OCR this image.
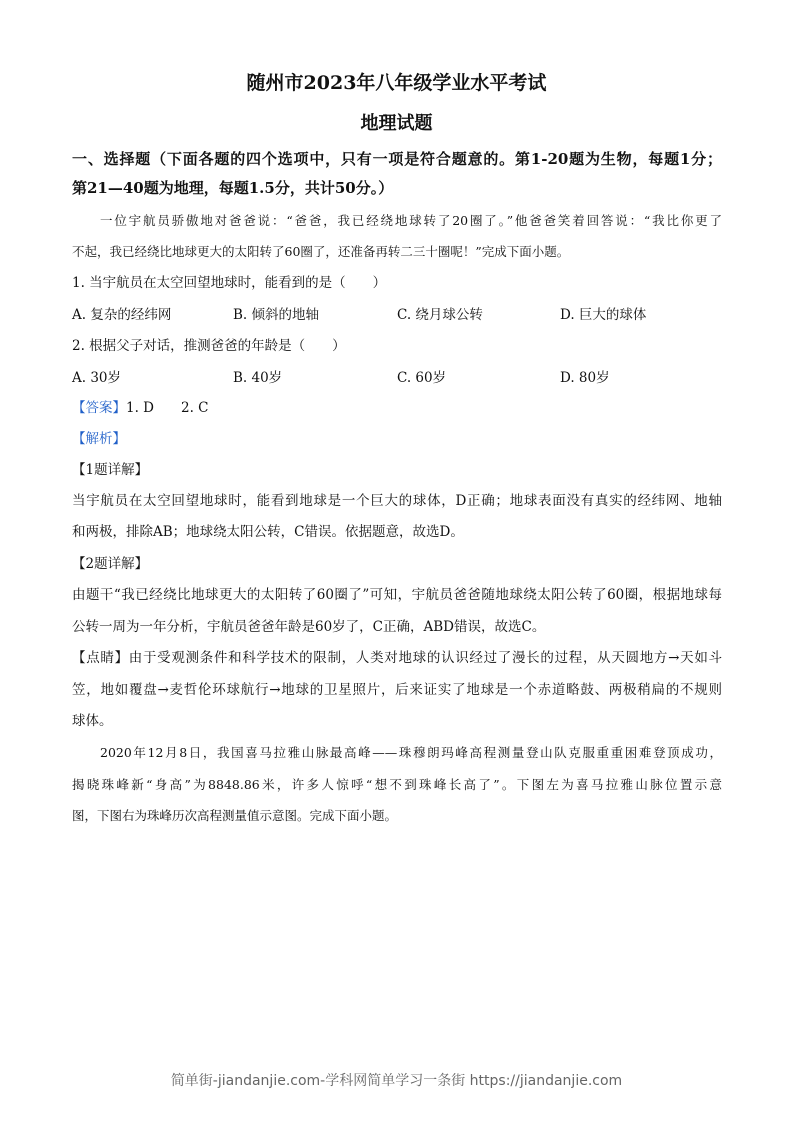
随州市2023年八年级学业水平考试
地理试题
一、选择题（下面各题的四个选项中，只有一项是符合题意的。第1-20题为生物，每题1分；
第21—40题为地理，每题1.5分，共计50分。）
一位宇航员骄傲地对爸爸说：“爸爸，我已经绕地球转了20圈了。”他爸爸笑着回答说：“我比你更了
不起，我已经绕比地球更大的太阳转了60圈了，还准备再转二三十圈呢！”完成下面小题。
1. 当宇航员在太空回望地球时，能看到的是（　　）
A. 复杂的经纬网	B. 倾斜的地轴	C. 绕月球公转	D. 巨大的球体
2. 根据父子对话，推测爸爸的年龄是（　　）
A. 30岁	B. 40岁	C. 60岁	D. 80岁
【答案】1. D　　2. C
【解析】
【1题详解】
当宇航员在太空回望地球时，能看到地球是一个巨大的球体，D正确；地球表面没有真实的经纬网、地轴
和两极，排除AB；地球绕太阳公转，C错误。依据题意，故选D。
【2题详解】
由题干“我已经绕比地球更大的太阳转了60圈了”可知，宇航员爸爸随地球绕太阳公转了60圈，根据地球每
公转一周为一年分析，宇航员爸爸年龄是60岁了，C正确，ABD错误，故选C。
【点睛】由于受观测条件和科学技术的限制，人类对地球的认识经过了漫长的过程，从天圆地方→天如斗
笠，地如覆盘→麦哲伦环球航行→地球的卫星照片，后来证实了地球是一个赤道略鼓、两极稍扁的不规则
球体。
2020年12月8日，我国喜马拉雅山脉最高峰——珠穆朗玛峰高程测量登山队克服重重困难登顶成功，
揭晓珠峰新“身高”为8848.86米，许多人惊呼“想不到珠峰长高了”。下图左为喜马拉雅山脉位置示意
图，下图右为珠峰历次高程测量值示意图。完成下面小题。
简单街-jiandanjie.com-学科网简单学习一条街 https://jiandanjie.com
